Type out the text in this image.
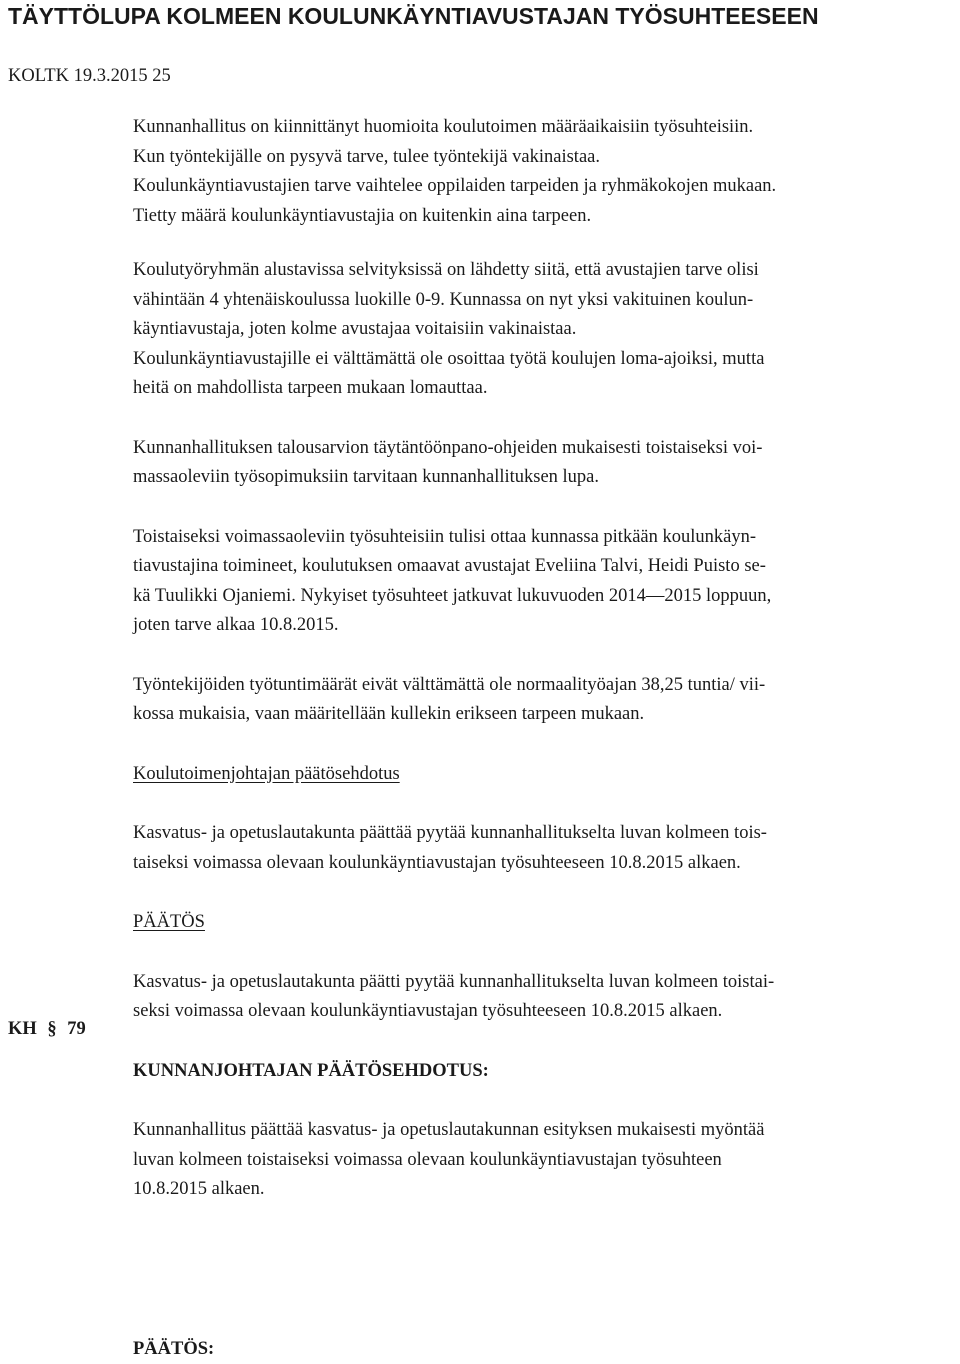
TÄYTTÖLUPA KOLMEEN KOULUNKÄYNTIAVUSTAJAN TYÖSUHTEESEEN
KOLTK 19.3.2015 25

Kunnanhallitus on kiinnittänyt huomioita koulutoimen määräaikaisiin työsuhteisiin.

Kun työntekijälle on pysyvä tarve, tulee työntekijä vakinaistaa.

Koulunkäyntiavustajien tarve vaihtelee oppilaiden tarpeiden ja ryhmäkokojen mukaan.

Tietty määrä koulunkäyntiavustajia on kuitenkin aina tarpeen.

Koulutyöryhmän alustavissa selvityksissä on lähdetty siitä, että avustajien tarve olisi

vähintään 4 yhtenäiskoulussa luokille 0-9. Kunnassa on nyt yksi vakituinen koulun-

käyntiavustaja, joten kolme avustajaa voitaisiin vakinaistaa.

Koulunkäyntiavustajille ei välttämättä ole osoittaa työtä koulujen loma-ajoiksi, mutta

heitä on mahdollista tarpeen mukaan lomauttaa.

Kunnanhallituksen talousarvion täytäntöönpano-ohjeiden mukaisesti toistaiseksi voi-

massaoleviin työsopimuksiin tarvitaan kunnanhallituksen lupa.

Toistaiseksi voimassaoleviin työsuhteisiin tulisi ottaa kunnassa pitkään koulunkäyn-

tiavustajina toimineet, koulutuksen omaavat avustajat Eveliina Talvi, Heidi Puisto se-

kä Tuulikki Ojaniemi. Nykyiset työsuhteet jatkuvat lukuvuoden 2014—2015 loppuun,

joten tarve alkaa 10.8.2015.

Työntekijöiden työtuntimäärät eivät välttämättä ole normaalityöajan 38,25 tuntia/ vii-

kossa mukaisia, vaan määritellään kullekin erikseen tarpeen mukaan.

Koulutoimenjohtajan päätösehdotus

Kasvatus- ja opetuslautakunta päättää pyytää kunnanhallitukselta luvan kolmeen tois-

taiseksi voimassa olevaan koulunkäyntiavustajan työsuhteeseen 10.8.2015 alkaen.

PÄÄTÖS

Kasvatus- ja opetuslautakunta päätti pyytää kunnanhallitukselta luvan kolmeen toistai-

seksi voimassa olevaan koulunkäyntiavustajan työsuhteeseen 10.8.2015 alkaen.

KUNNANJOHTAJAN PÄÄTÖSEHDOTUS:

Kunnanhallitus päättää kasvatus- ja opetuslautakunnan esityksen mukaisesti myöntää

luvan kolmeen toistaiseksi voimassa olevaan koulunkäyntiavustajan työsuhteen

10.8.2015 alkaen.

PÄÄTÖS:

KH § 79
